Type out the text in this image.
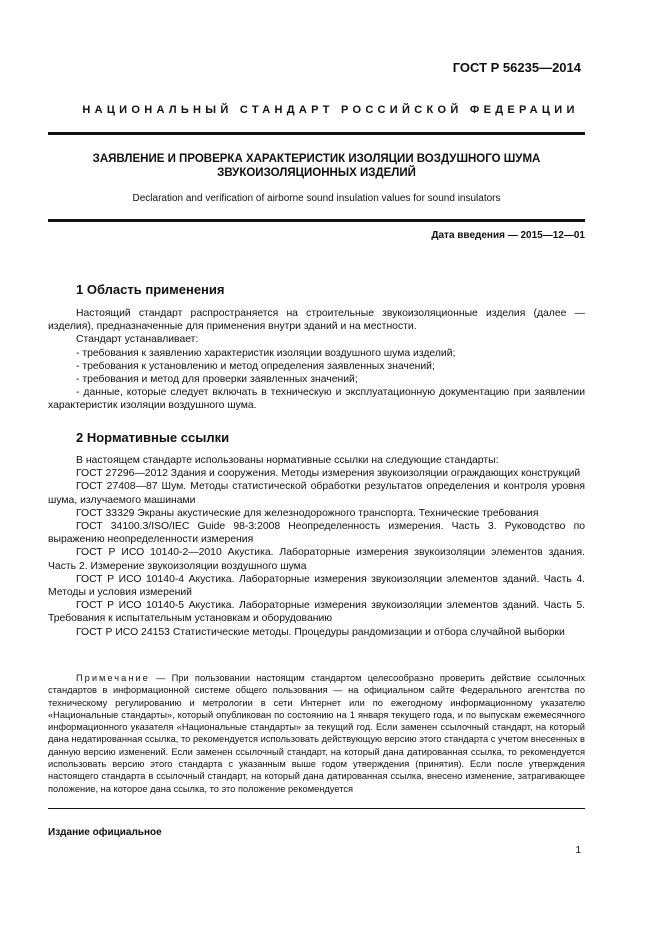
ГОСТ Р 56235—2014
НАЦИОНАЛЬНЫЙ СТАНДАРТ РОССИЙСКОЙ ФЕДЕРАЦИИ
ЗАЯВЛЕНИЕ И ПРОВЕРКА ХАРАКТЕРИСТИК ИЗОЛЯЦИИ ВОЗДУШНОГО ШУМА
ЗВУКОИЗОЛЯЦИОННЫХ ИЗДЕЛИЙ
Declaration and verification of airborne sound insulation values for sound insulators
Дата введения — 2015—12—01
1 Область применения

Настоящий стандарт распространяется на строительные звукоизоляционные изделия (далее — изделия), предназначенные для применения внутри зданий и на местности.

Стандарт устанавливает:

- требования к заявлению характеристик изоляции воздушного шума изделий;

- требования к установлению и метод определения заявленных значений;

- требования и метод для проверки заявленных значений;

- данные, которые следует включать в техническую и эксплуатационную документацию при заявлении характеристик изоляции воздушного шума.

2 Нормативные ссылки

В настоящем стандарте использованы нормативные ссылки на следующие стандарты:

ГОСТ 27296—2012 Здания и сооружения. Методы измерения звукоизоляции ограждающих конструкций

ГОСТ 27408—87 Шум. Методы статистической обработки результатов определения и контроля уровня шума, излучаемого машинами

ГОСТ 33329 Экраны акустические для железнодорожного транспорта. Технические требования

ГОСТ 34100.3/ISO/IEC Guide 98-3:2008 Неопределенность измерения. Часть 3. Руководство по выражению неопределенности измерения

ГОСТ Р ИСО 10140-2—2010 Акустика. Лабораторные измерения звукоизоляции элементов здания. Часть 2. Измерение звукоизоляции воздушного шума

ГОСТ Р ИСО 10140-4 Акустика. Лабораторные измерения звукоизоляции элементов зданий. Часть 4. Методы и условия измерений

ГОСТ Р ИСО 10140-5 Акустика. Лабораторные измерения звукоизоляции элементов зданий. Часть 5. Требования к испытательным установкам и оборудованию

ГОСТ Р ИСО 24153 Статистические методы. Процедуры рандомизации и отбора случайной выборки

Примечание — При пользовании настоящим стандартом целесообразно проверить действие ссылочных стандартов в информационной системе общего пользования — на официальном сайте Федерального агентства по техническому регулированию и метрологии в сети Интернет или по ежегодному информационному указателю «Национальные стандарты», который опубликован по состоянию на 1 января текущего года, и по выпускам ежемесячного информационного указателя «Национальные стандарты» за текущий год. Если заменен ссылочный стандарт, на который дана недатированная ссылка, то рекомендуется использовать действующую версию этого стандарта с учетом внесенных в данную версию изменений. Если заменен ссылочный стандарт, на который дана датированная ссылка, то рекомендуется использовать версию этого стандарта с указанным выше годом утверждения (принятия). Если после утверждения настоящего стандарта в ссылочный стандарт, на который дана датированная ссылка, внесено изменение, затрагивающее положение, на которое дана ссылка, то это положение рекомендуется

Издание официальное
1
